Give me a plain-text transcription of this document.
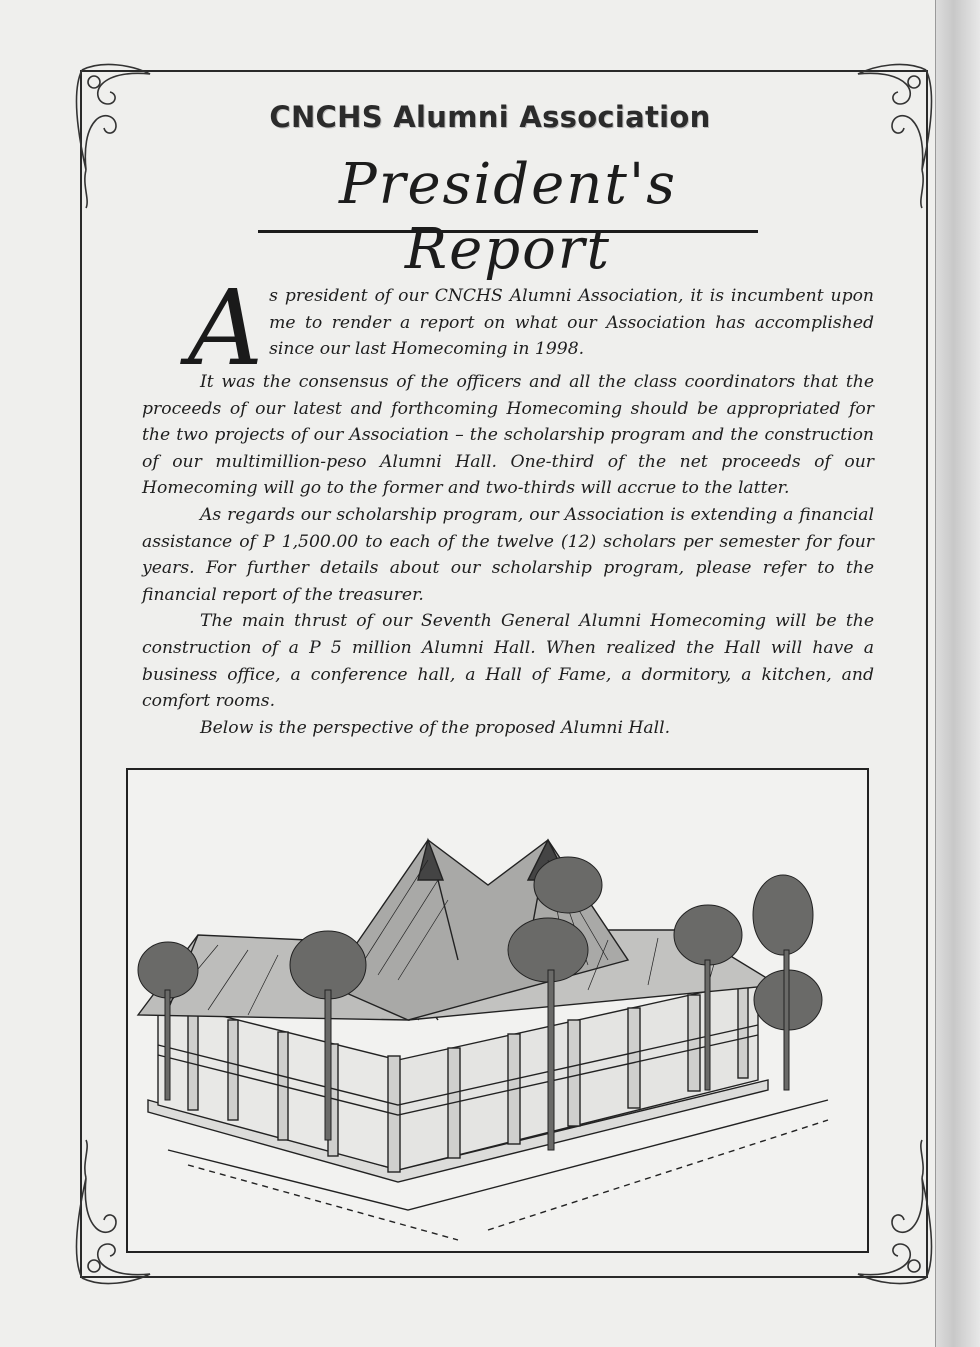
CNCHS Alumni Association
President's Report

A s president of our CNCHS Alumni Association, it is incumbent upon me to render a report on what our Association has accomplished since our last Homecoming in 1998.

It was the consensus of the officers and all the class coordinators that the proceeds of our latest and forthcoming Homecoming should be appropriated for the two projects of our Association – the scholarship program and the construction of our multimillion-peso Alumni Hall. One-third of the net proceeds of our Homecoming will go to the former and two-thirds will accrue to the latter.

As regards our scholarship program, our Association is extending a financial assistance of P 1,500.00 to each of the twelve (12) scholars per semester for four years. For further details about our scholarship program, please refer to the financial report of the treasurer.

The main thrust of our Seventh General Alumni Homecoming will be the construction of a P 5 million Alumni Hall. When realized the Hall will have a business office, a conference hall, a Hall of Fame, a dormitory, a kitchen, and comfort rooms.

Below is the perspective of the proposed Alumni Hall.
